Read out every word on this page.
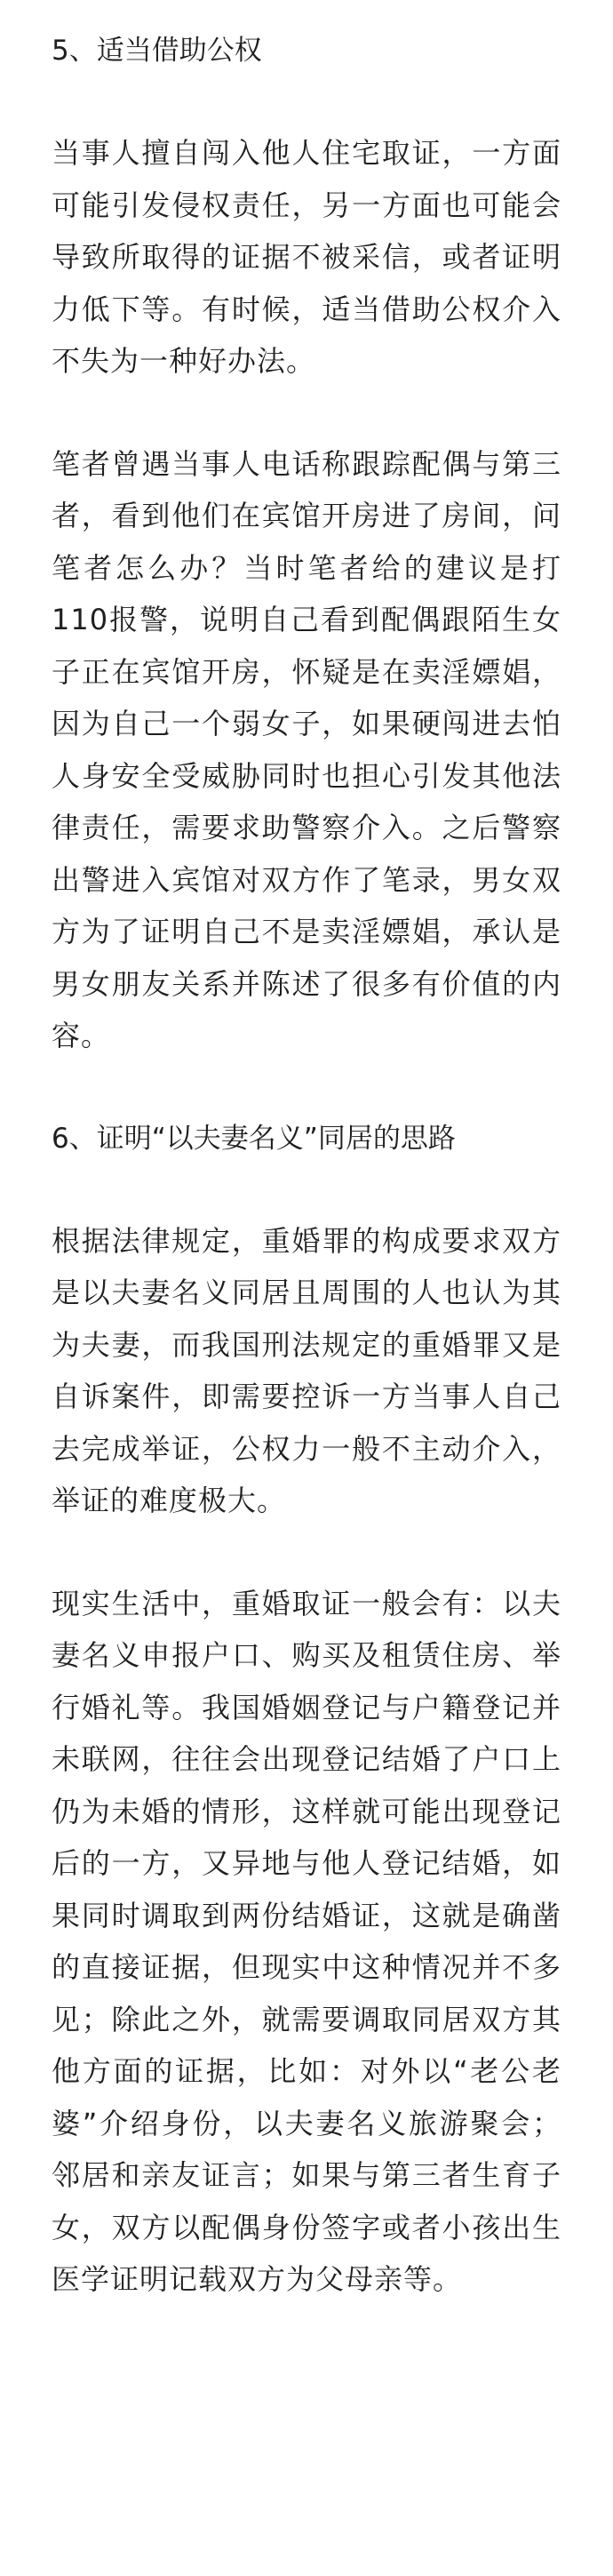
5、适当借助公权

当事人擅自闯入他人住宅取证，一方面可能引发侵权责任，另一方面也可能会导致所取得的证据不被采信，或者证明力低下等。有时候，适当借助公权介入不失为一种好办法。

笔者曾遇当事人电话称跟踪配偶与第三者，看到他们在宾馆开房进了房间，问笔者怎么办？当时笔者给的建议是打110报警，说明自己看到配偶跟陌生女子正在宾馆开房，怀疑是在卖淫嫖娼，因为自己一个弱女子，如果硬闯进去怕人身安全受威胁同时也担心引发其他法律责任，需要求助警察介入。之后警察出警进入宾馆对双方作了笔录，男女双方为了证明自己不是卖淫嫖娼，承认是男女朋友关系并陈述了很多有价值的内容。

6、证明“以夫妻名义”同居的思路

根据法律规定，重婚罪的构成要求双方是以夫妻名义同居且周围的人也认为其为夫妻，而我国刑法规定的重婚罪又是自诉案件，即需要控诉一方当事人自己去完成举证，公权力一般不主动介入，举证的难度极大。

现实生活中，重婚取证一般会有：以夫妻名义申报户口、购买及租赁住房、举行婚礼等。我国婚姻登记与户籍登记并未联网，往往会出现登记结婚了户口上仍为未婚的情形，这样就可能出现登记后的一方，又异地与他人登记结婚，如果同时调取到两份结婚证，这就是确凿的直接证据，但现实中这种情况并不多见；除此之外，就需要调取同居双方其他方面的证据，比如：对外以“老公老婆”介绍身份，以夫妻名义旅游聚会；邻居和亲友证言；如果与第三者生育子女，双方以配偶身份签字或者小孩出生医学证明记载双方为父母亲等。
